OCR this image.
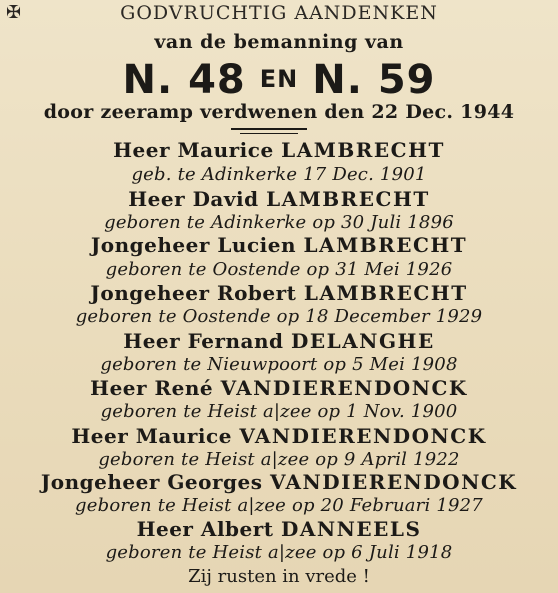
✠	GODVRUCHTIG AANDENKEN
van de bemanning van
N. 48 EN N. 59
door zeeramp verdwenen den 22 Dec. 1944
Heer Maurice LAMBRECHT
geb. te Adinkerke 17 Dec. 1901
Heer David LAMBRECHT
geboren te Adinkerke op 30 Juli 1896
Jongeheer Lucien LAMBRECHT
geboren te Oostende op 31 Mei 1926
Jongeheer Robert LAMBRECHT
geboren te Oostende op 18 December 1929
Heer Fernand DELANGHE
geboren te Nieuwpoort op 5 Mei 1908
Heer René VANDIERENDONCK
geboren te Heist a|zee op 1 Nov. 1900
Heer Maurice VANDIERENDONCK
geboren te Heist a|zee op 9 April 1922
Jongeheer Georges VANDIERENDONCK
geboren te Heist a|zee op 20 Februari 1927
Heer Albert DANNEELS
geboren te Heist a|zee op 6 Juli 1918
Zij rusten in vrede !
